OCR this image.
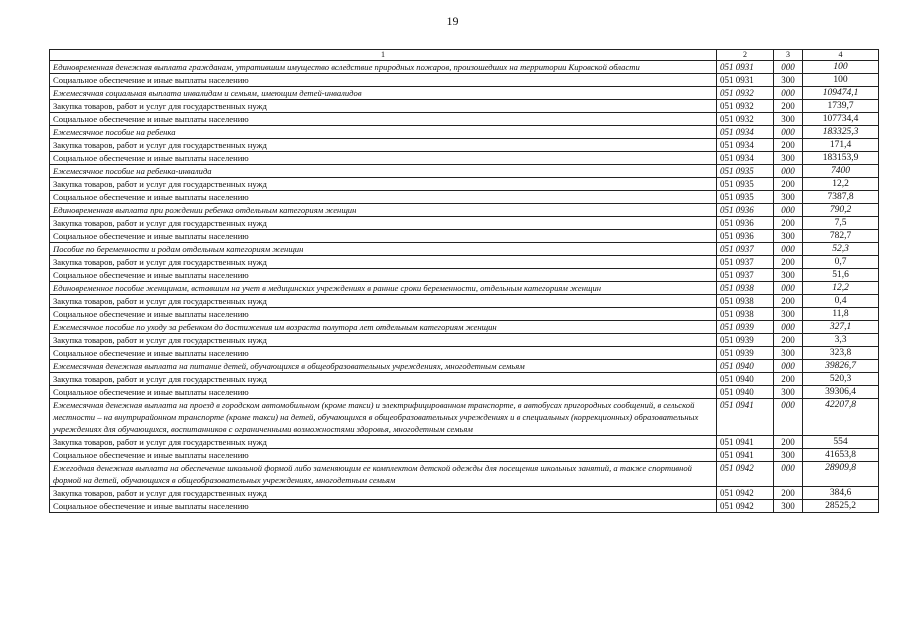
19
1	2	3	4
Единовременная денежная выплата гражданам, утратившим имущество вследствие природных пожаров, произошедших на территории Кировской области	051 0931	000	100
Социальное обеспечение и иные выплаты населению	051 0931	300	100
Ежемесячная социальная выплата инвалидам и семьям, имеющим детей-инвалидов	051 0932	000	109474,1
Закупка товаров, работ и услуг для государственных нужд	051 0932	200	1739,7
Социальное обеспечение и иные выплаты населению	051 0932	300	107734,4
Ежемесячное пособие на ребенка	051 0934	000	183325,3
Закупка товаров, работ и услуг для государственных нужд	051 0934	200	171,4
Социальное обеспечение и иные выплаты населению	051 0934	300	183153,9
Ежемесячное пособие на ребенка-инвалида	051 0935	000	7400
Закупка товаров, работ и услуг для государственных нужд	051 0935	200	12,2
Социальное обеспечение и иные выплаты населению	051 0935	300	7387,8
Единовременная выплата при рождении ребенка отдельным категориям женщин	051 0936	000	790,2
Закупка товаров, работ и услуг для государственных нужд	051 0936	200	7,5
Социальное обеспечение и иные выплаты населению	051 0936	300	782,7
Пособие по беременности и родам отдельным категориям женщин	051 0937	000	52,3
Закупка товаров, работ и услуг для государственных нужд	051 0937	200	0,7
Социальное обеспечение и иные выплаты населению	051 0937	300	51,6
Единовременное пособие женщинам, вставшим на учет в медицинских учреждениях в ранние сроки беременности, отдельным категориям женщин	051 0938	000	12,2
Закупка товаров, работ и услуг для государственных нужд	051 0938	200	0,4
Социальное обеспечение и иные выплаты населению	051 0938	300	11,8
Ежемесячное пособие по уходу за ребенком до достижения им возраста полутора лет отдельным категориям женщин	051 0939	000	327,1
Закупка товаров, работ и услуг для государственных нужд	051 0939	200	3,3
Социальное обеспечение и иные выплаты населению	051 0939	300	323,8
Ежемесячная денежная выплата на питание детей, обучающихся в общеобразовательных учреждениях, многодетным семьям	051 0940	000	39826,7
Закупка товаров, работ и услуг для государственных нужд	051 0940	200	520,3
Социальное обеспечение и иные выплаты населению	051 0940	300	39306,4
Ежемесячная денежная выплата на проезд в городском автомобильном (кроме такси) и электрифицированном транспорте, в автобусах пригородных сообщений, в сельской местности – на внутрирайонном транспорте (кроме такси) на детей, обучающихся в общеобразовательных учреждениях и в специальных (коррекционных) образовательных учреждениях для обучающихся, воспитанников с ограниченными возможностями здоровья, многодетным семьям	051 0941	000	42207,8
Закупка товаров, работ и услуг для государственных нужд	051 0941	200	554
Социальное обеспечение и иные выплаты населению	051 0941	300	41653,8
Ежегодная денежная выплата на обеспечение школьной формой либо заменяющим ее комплектом детской одежды для посещения школьных занятий, а также спортивной формой на детей, обучающихся в общеобразовательных учреждениях, многодетным семьям	051 0942	000	28909,8
Закупка товаров, работ и услуг для государственных нужд	051 0942	200	384,6
Социальное обеспечение и иные выплаты населению	051 0942	300	28525,2
